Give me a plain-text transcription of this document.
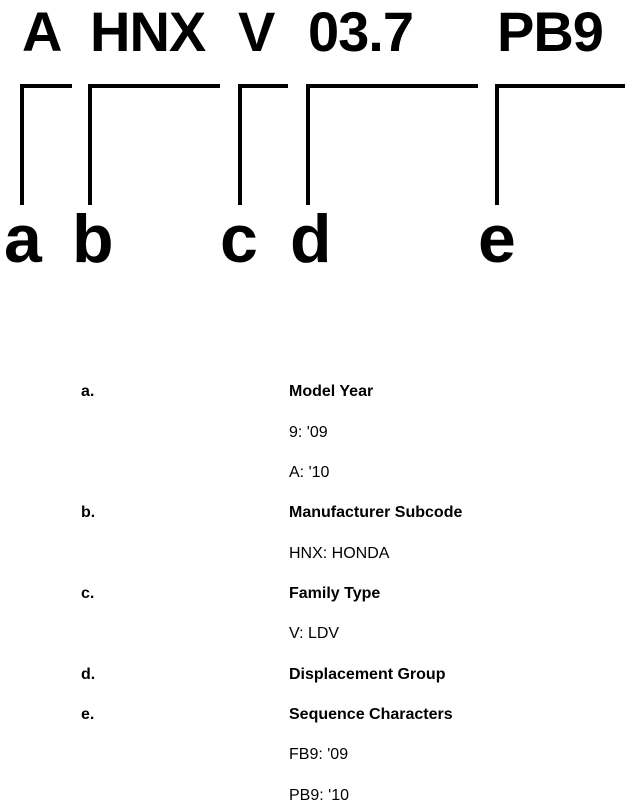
A HNX V 03.7 PB9
a b c d e
a.	Model Year
9: '09
A: '10
b.	Manufacturer Subcode
HNX: HONDA
c.	Family Type
V: LDV
d.	Displacement Group
e.	Sequence Characters
FB9: '09
PB9: '10
